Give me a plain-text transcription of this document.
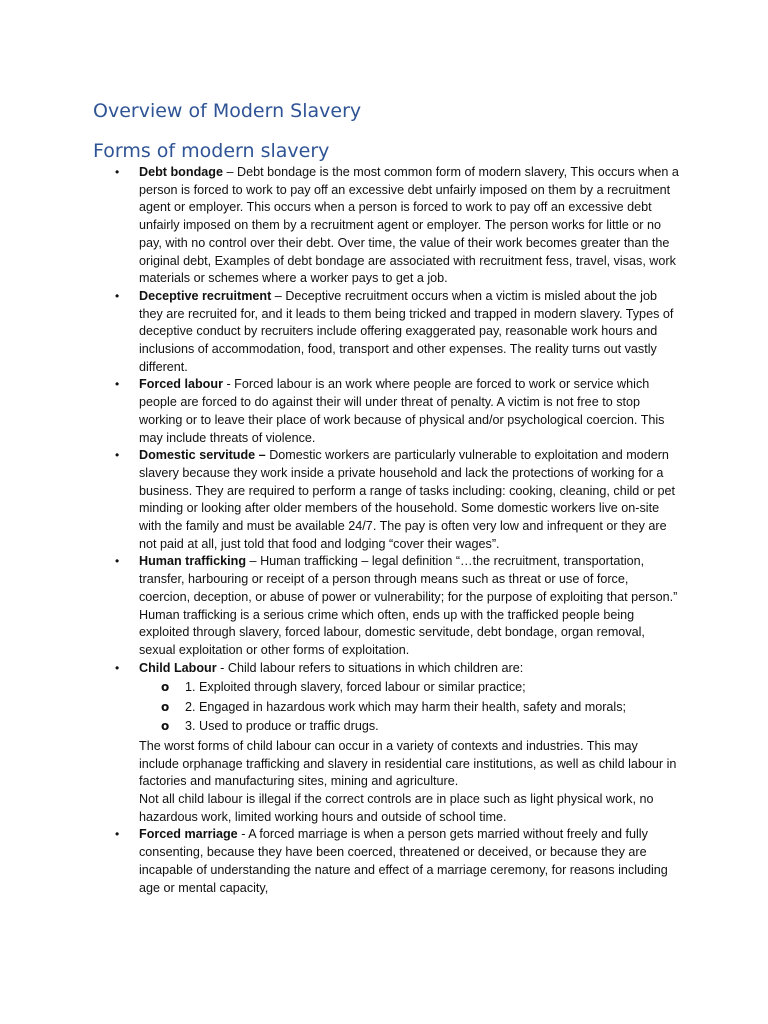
Overview of Modern Slavery
Forms of modern slavery
• Debt bondage – Debt bondage is the most common form of modern slavery, This occurs when a person is forced to work to pay off an excessive debt unfairly imposed on them by a recruitment agent or employer. This occurs when a person is forced to work to pay off an excessive debt unfairly imposed on them by a recruitment agent or employer. The person works for little or no pay, with no control over their debt. Over time, the value of their work becomes greater than the original debt, Examples of debt bondage are associated with recruitment fess, travel, visas, work materials or schemes where a worker pays to get a job.
• Deceptive recruitment – Deceptive recruitment occurs when a victim is misled about the job they are recruited for, and it leads to them being tricked and trapped in modern slavery. Types of deceptive conduct by recruiters include offering exaggerated pay, reasonable work hours and inclusions of accommodation, food, transport and other expenses. The reality turns out vastly different.
• Forced labour - Forced labour is an work where people are forced to work or service which people are forced to do against their will under threat of penalty. A victim is not free to stop working or to leave their place of work because of physical and/or psychological coercion. This may include threats of violence.
• Domestic servitude – Domestic workers are particularly vulnerable to exploitation and modern slavery because they work inside a private household and lack the protections of working for a business. They are required to perform a range of tasks including: cooking, cleaning, child or pet minding or looking after older members of the household. Some domestic workers live on-site with the family and must be available 24/7. The pay is often very low and infrequent or they are not paid at all, just told that food and lodging “cover their wages”.
• Human trafficking – Human trafficking – legal definition “…the recruitment, transportation, transfer, harbouring or receipt of a person through means such as threat or use of force, coercion, deception, or abuse of power or vulnerability; for the purpose of exploiting that person.” Human trafficking is a serious crime which often, ends up with the trafficked people being exploited through slavery, forced labour, domestic servitude, debt bondage, organ removal, sexual exploitation or other forms of exploitation.
• Child Labour - Child labour refers to situations in which children are:
o 1. Exploited through slavery, forced labour or similar practice;
o 2. Engaged in hazardous work which may harm their health, safety and morals;
o 3. Used to produce or traffic drugs.

The worst forms of child labour can occur in a variety of contexts and industries. This may include orphanage trafficking and slavery in residential care institutions, as well as child labour in factories and manufacturing sites, mining and agriculture.

Not all child labour is illegal if the correct controls are in place such as light physical work, no hazardous work, limited working hours and outside of school time.

• Forced marriage - A forced marriage is when a person gets married without freely and fully consenting, because they have been coerced, threatened or deceived, or because they are incapable of understanding the nature and effect of a marriage ceremony, for reasons including age or mental capacity,
